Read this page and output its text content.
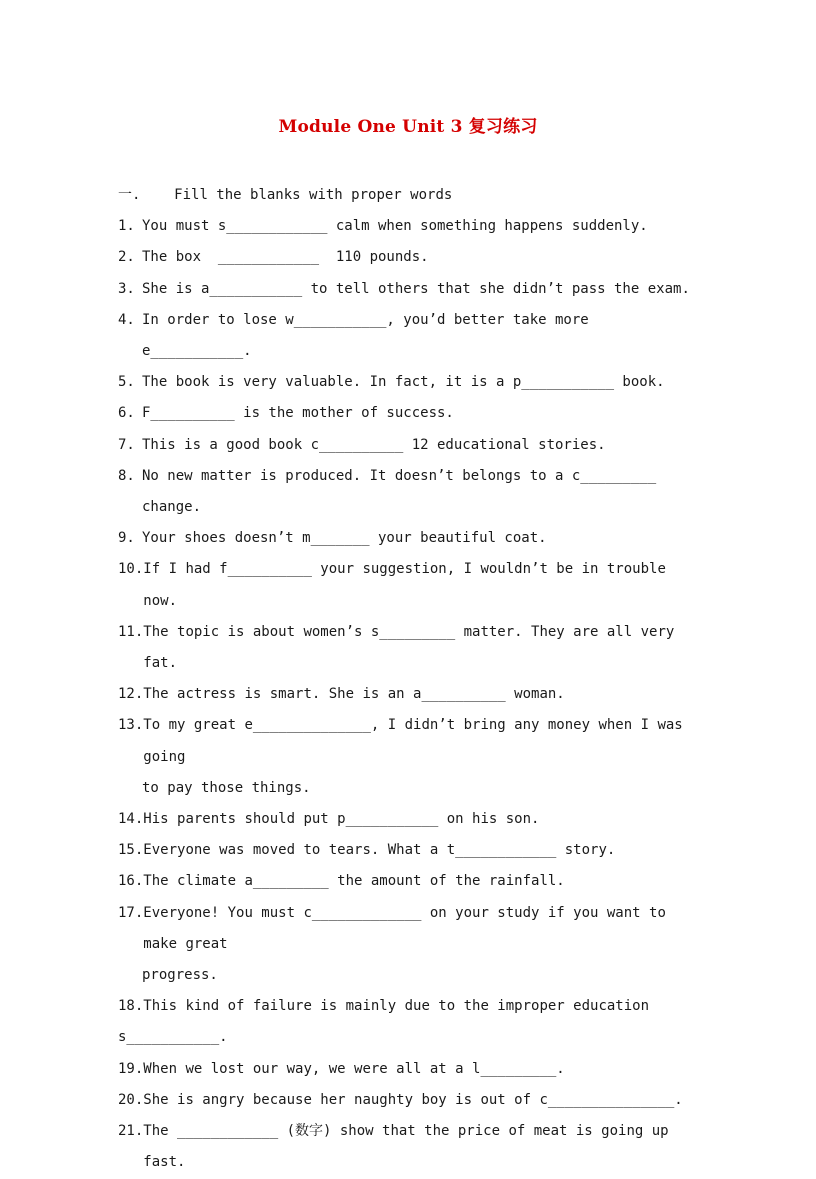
Module One Unit 3 复习练习
一. Fill the blanks with proper words
1. You must s____________ calm when something happens suddenly.
2. The box  ____________  110 pounds.
3. She is a___________ to tell others that she didn’t pass the exam.
4. In order to lose w___________, you’d better take more e___________.
5. The book is very valuable. In fact, it is a p___________ book.
6. F__________ is the mother of success.
7. This is a good book c__________ 12 educational stories.
8. No new matter is produced. It doesn’t belongs to a c_________ change.
9. Your shoes doesn’t m_______ your beautiful coat.
10. If I had f__________ your suggestion, I wouldn’t be in trouble now.
11. The topic is about women’s s_________ matter. They are all very fat.
12. The actress is smart. She is an a__________ woman.
13. To my great e______________, I didn’t bring any money when I was going
to pay those things.
14. His parents should put p___________ on his son.
15. Everyone was moved to tears. What a t____________ story.
16. The climate a_________ the amount of the rainfall.
17. Everyone! You must c_____________ on your study if you want to make great
progress.
18. This kind of failure is mainly due to the improper education
s___________.
19. When we lost our way, we were all at a l_________.
20. She is angry because her naughty boy is out of c_______________.
21. The ____________ (数字) show that the price of meat is going up fast.
